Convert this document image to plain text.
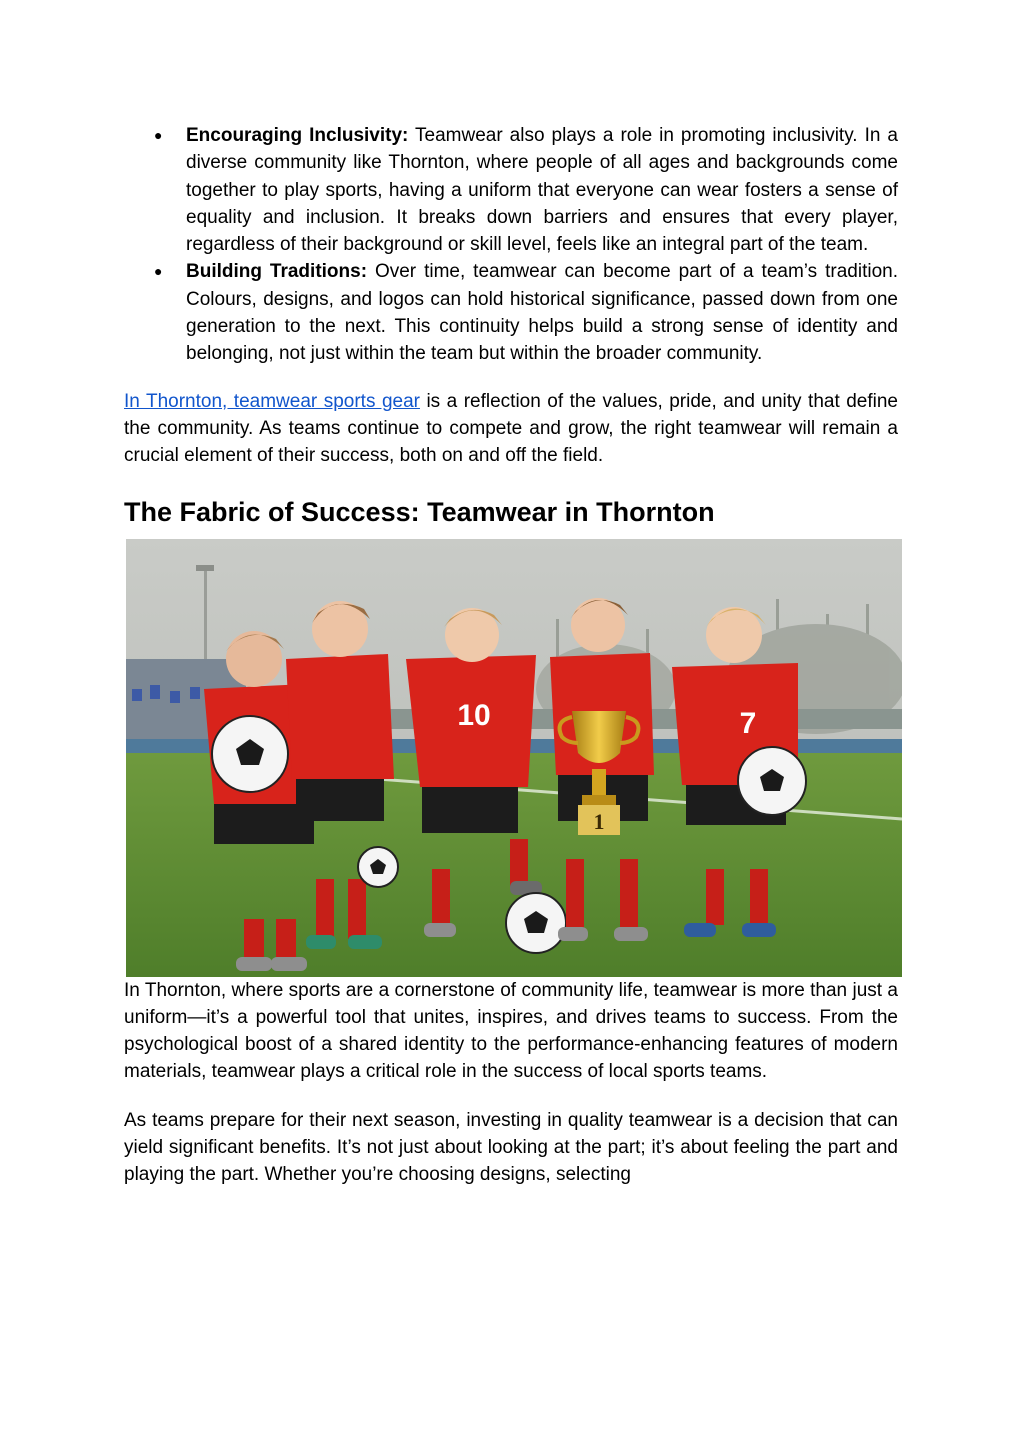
● Encouraging Inclusivity: Teamwear also plays a role in promoting inclusivity. In a diverse community like Thornton, where people of all ages and backgrounds come together to play sports, having a uniform that everyone can wear fosters a sense of equality and inclusion. It breaks down barriers and ensures that every player, regardless of their background or skill level, feels like an integral part of the team.
● Building Traditions: Over time, teamwear can become part of a team’s tradition. Colours, designs, and logos can hold historical significance, passed down from one generation to the next. This continuity helps build a strong sense of identity and belonging, not just within the team but within the broader community.

In Thornton, teamwear sports gear is a reflection of the values, pride, and unity that define the community. As teams continue to compete and grow, the right teamwear will remain a crucial element of their success, both on and off the field.

The Fabric of Success: Teamwear in Thornton
10
1
7

In Thornton, where sports are a cornerstone of community life, teamwear is more than just a uniform—it’s a powerful tool that unites, inspires, and drives teams to success. From the psychological boost of a shared identity to the performance-enhancing features of modern materials, teamwear plays a critical role in the success of local sports teams.

As teams prepare for their next season, investing in quality teamwear is a decision that can yield significant benefits. It’s not just about looking at the part; it’s about feeling the part and playing the part. Whether you’re choosing designs, selecting
